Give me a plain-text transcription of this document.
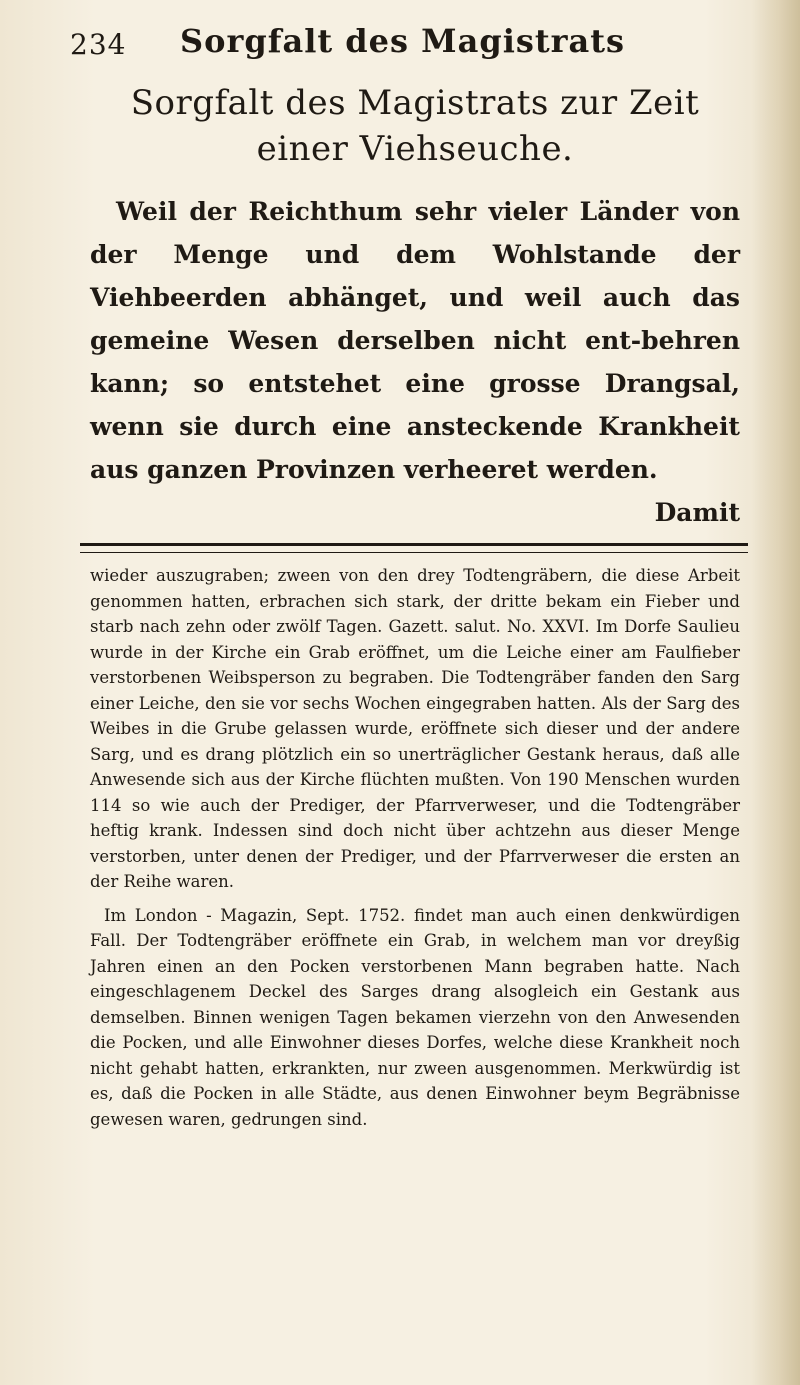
234 Sorgfalt des Magistrats
Sorgfalt des Magistrats zur Zeit einer Viehseuche.

Weil der Reichthum sehr vieler Länder von der Menge und dem Wohlstande der Viehbeerden abhänget, und weil auch das gemeine Wesen derselben nicht ent-behren kann; so entstehet eine grosse Drangsal, wenn sie durch eine ansteckende Krankheit aus ganzen Provinzen verheeret werden.

Damit

wieder auszugraben; zween von den drey Todtengräbern, die diese Arbeit genommen hatten, erbrachen sich stark, der dritte bekam ein Fieber und starb nach zehn oder zwölf Tagen. Gazett. salut. No. XXVI. Im Dorfe Saulieu wurde in der Kirche ein Grab eröffnet, um die Leiche einer am Faulfieber verstorbenen Weibsperson zu begraben. Die Todtengräber fanden den Sarg einer Leiche, den sie vor sechs Wochen eingegraben hatten. Als der Sarg des Weibes in die Grube gelassen wurde, eröffnete sich dieser und der andere Sarg, und es drang plötzlich ein so unerträglicher Gestank heraus, daß alle Anwesende sich aus der Kirche flüchten mußten. Von 190 Menschen wurden 114 so wie auch der Prediger, der Pfarrverweser, und die Todtengräber heftig krank. Indessen sind doch nicht über achtzehn aus dieser Menge verstorben, unter denen der Prediger, und der Pfarrverweser die ersten an der Reihe waren.

Im London - Magazin, Sept. 1752. findet man auch einen denkwürdigen Fall. Der Todtengräber eröffnete ein Grab, in welchem man vor dreyßig Jahren einen an den Pocken verstorbenen Mann begraben hatte. Nach eingeschlagenem Deckel des Sarges drang alsogleich ein Gestank aus demselben. Binnen wenigen Tagen bekamen vierzehn von den Anwesenden die Pocken, und alle Einwohner dieses Dorfes, welche diese Krankheit noch nicht gehabt hatten, erkrankten, nur zween ausgenommen. Merkwürdig ist es, daß die Pocken in alle Städte, aus denen Einwohner beym Begräbnisse gewesen waren, gedrungen sind.
